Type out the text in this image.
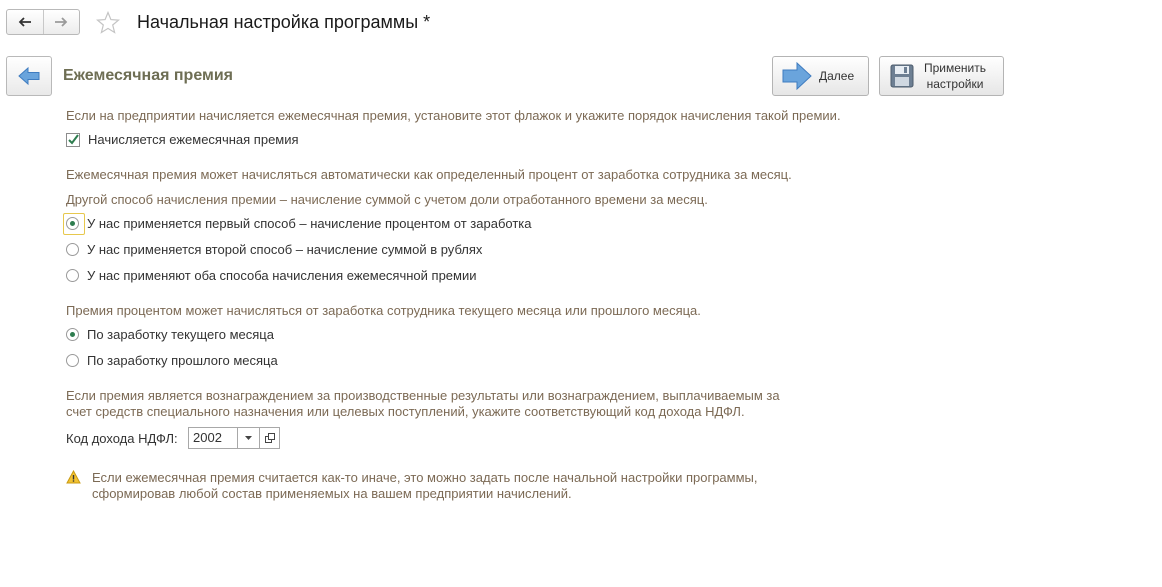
Начальная настройка программы *
Ежемесячная премия	Далее
Применить
настройки
Если на предприятии начисляется ежемесячная премия, установите этот флажок и укажите порядок начисления такой премии.
Начисляется ежемесячная премия
Ежемесячная премия может начисляться автоматически как определенный процент от заработка сотрудника за месяц.
Другой способ начисления премии – начисление суммой с учетом доли отработанного времени за месяц.
У нас применяется первый способ – начисление процентом от заработка
У нас применяется второй способ – начисление суммой в рублях
У нас применяют оба способа начисления ежемесячной премии
Премия процентом может начисляться от заработка сотрудника текущего месяца или прошлого месяца.
По заработку текущего месяца
По заработку прошлого месяца
Если премия является вознаграждением за производственные результаты или вознаграждением, выплачиваемым за
счет средств специального назначения или целевых поступлений, укажите соответствующий код дохода НДФЛ.
Код дохода НДФЛ:	2002
Если ежемесячная премия считается как-то иначе, это можно задать после начальной настройки программы,
сформировав любой состав применяемых на вашем предприятии начислений.
